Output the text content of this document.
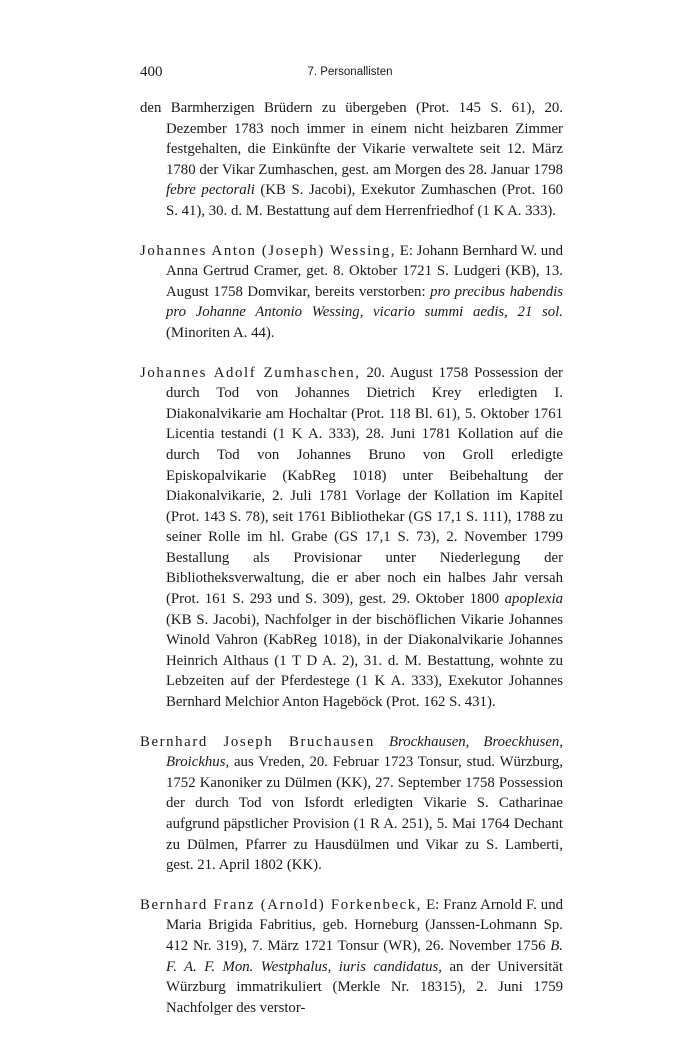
400	7. Personallisten

den Barmherzigen Brüdern zu übergeben (Prot. 145 S. 61), 20. Dezember 1783 noch immer in einem nicht heizbaren Zimmer festgehalten, die Einkünfte der Vikarie verwaltete seit 12. März 1780 der Vikar Zumhaschen, gest. am Morgen des 28. Januar 1798 febre pectorali (KB S. Jacobi), Exekutor Zumhaschen (Prot. 160 S. 41), 30. d. M. Bestattung auf dem Herrenfriedhof (1 K A. 333).

Johannes Anton (Joseph) Wessing, E: Johann Bernhard W. und Anna Gertrud Cramer, get. 8. Oktober 1721 S. Ludgeri (KB), 13. August 1758 Domvikar, bereits verstorben: pro precibus habendis pro Johanne Antonio Wessing, vicario summi aedis, 21 sol. (Minoriten A. 44).

Johannes Adolf Zumhaschen, 20. August 1758 Possession der durch Tod von Johannes Dietrich Krey erledigten I. Diakonalvikarie am Hochaltar (Prot. 118 Bl. 61), 5. Oktober 1761 Licentia testandi (1 K A. 333), 28. Juni 1781 Kollation auf die durch Tod von Johannes Bruno von Groll erledigte Episkopalvikarie (KabReg 1018) unter Beibehaltung der Diakonalvikarie, 2. Juli 1781 Vorlage der Kollation im Kapitel (Prot. 143 S. 78), seit 1761 Bibliothekar (GS 17,1 S. 111), 1788 zu seiner Rolle im hl. Grabe (GS 17,1 S. 73), 2. November 1799 Bestallung als Provisionar unter Niederlegung der Bibliotheksverwaltung, die er aber noch ein halbes Jahr versah (Prot. 161 S. 293 und S. 309), gest. 29. Oktober 1800 apoplexia (KB S. Jacobi), Nachfolger in der bischöflichen Vikarie Johannes Winold Vahron (KabReg 1018), in der Diakonalvikarie Johannes Heinrich Althaus (1 T D A. 2), 31. d. M. Bestattung, wohnte zu Lebzeiten auf der Pferdestege (1 K A. 333), Exekutor Johannes Bernhard Melchior Anton Hageböck (Prot. 162 S. 431).

Bernhard Joseph Bruchausen Brockhausen, Broeckhusen, Broickhus, aus Vreden, 20. Februar 1723 Tonsur, stud. Würzburg, 1752 Kanoniker zu Dülmen (KK), 27. September 1758 Possession der durch Tod von Isfordt erledigten Vikarie S. Catharinae aufgrund päpstlicher Provision (1 R A. 251), 5. Mai 1764 Dechant zu Dülmen, Pfarrer zu Hausdülmen und Vikar zu S. Lamberti, gest. 21. April 1802 (KK).

Bernhard Franz (Arnold) Forkenbeck, E: Franz Arnold F. und Maria Brigida Fabritius, geb. Horneburg (Janssen-Lohmann Sp. 412 Nr. 319), 7. März 1721 Tonsur (WR), 26. November 1756 B. F. A. F. Mon. Westphalus, iuris candidatus, an der Universität Würzburg immatrikuliert (Merkle Nr. 18315), 2. Juni 1759 Nachfolger des verstor-
